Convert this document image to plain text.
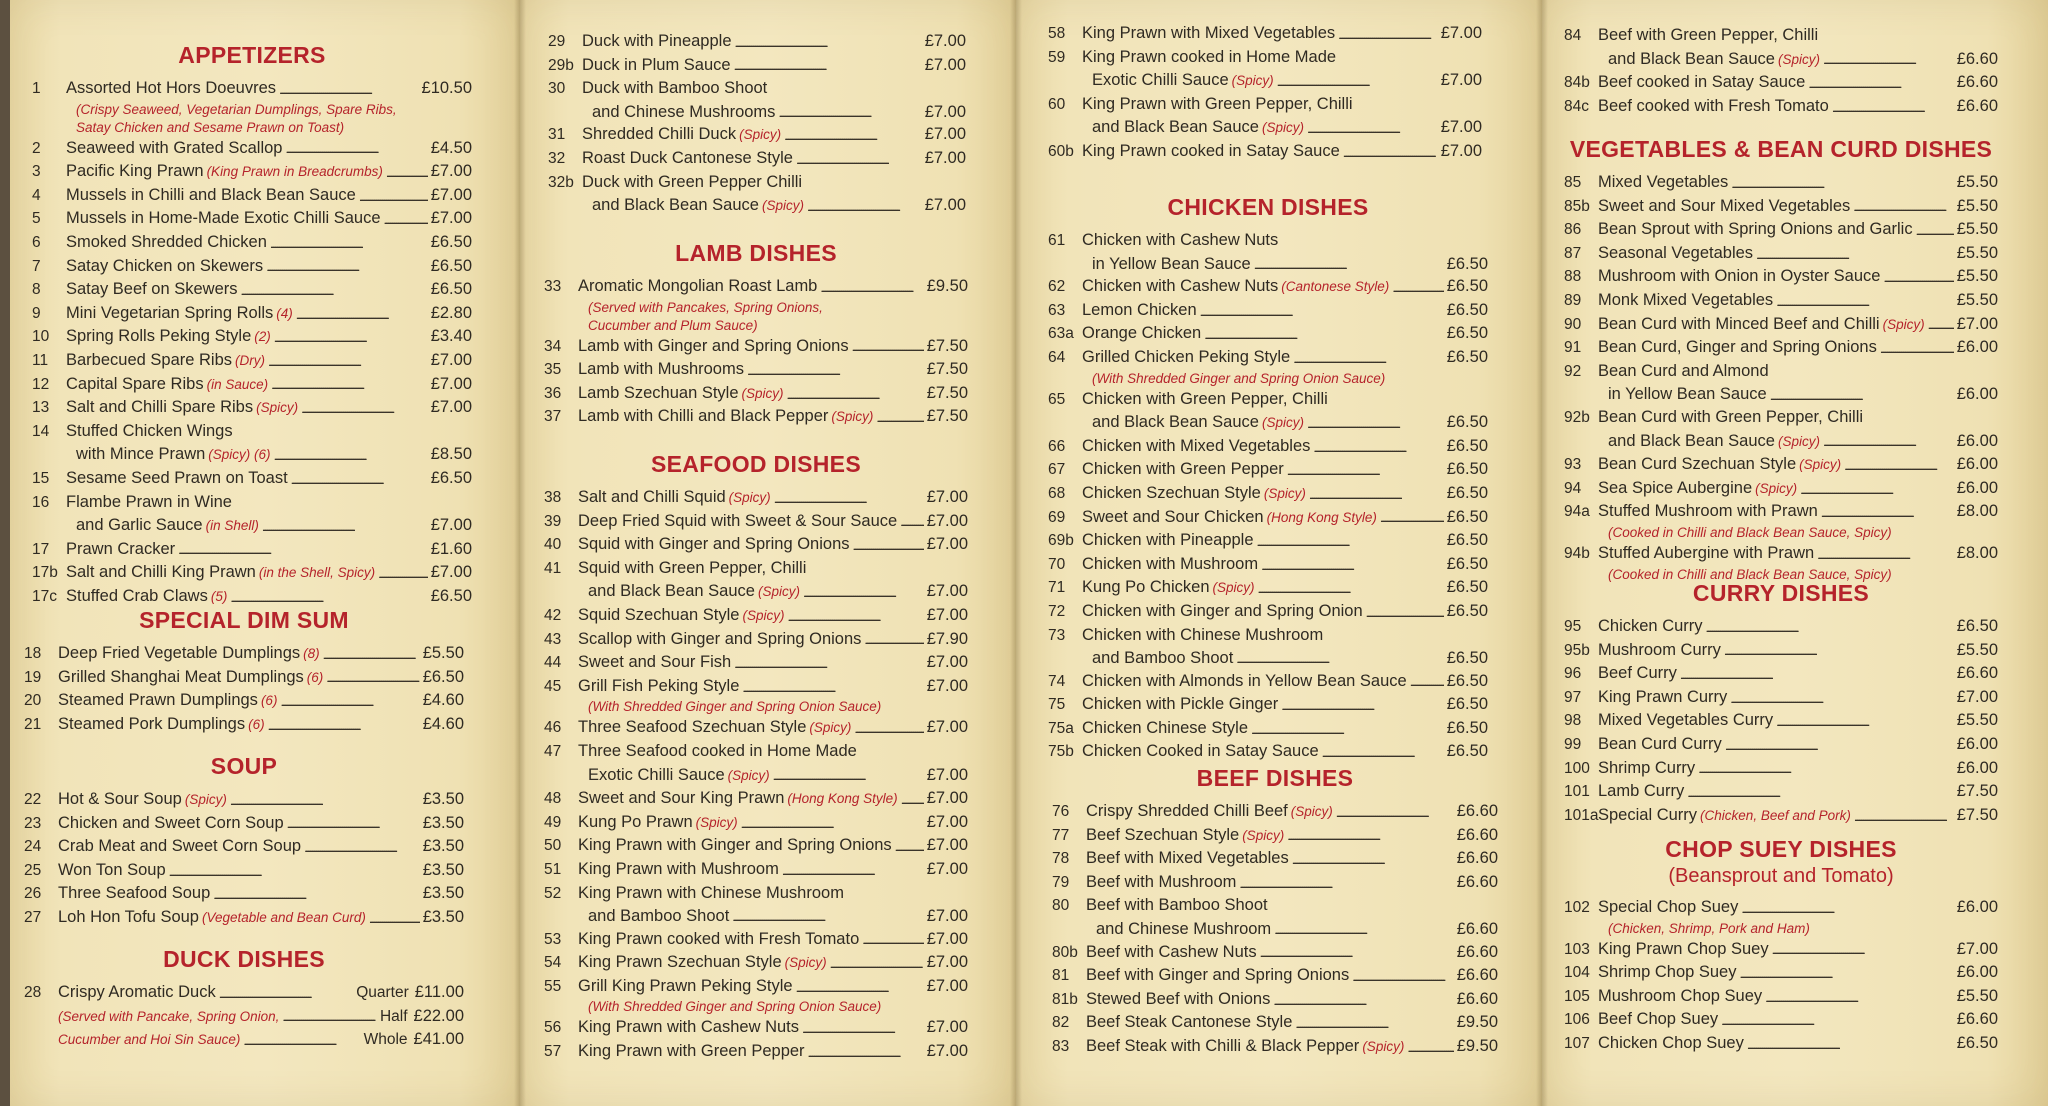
APPETIZERS
1	Assorted Hot Hors Doeuvres . . .	£10.50
(Crispy Seaweed, Vegetarian Dumplings, Spare Ribs,
Satay Chicken and Sesame Prawn on Toast)
2	Seaweed with Grated Scallop . . .	£4.50
3	Pacific King Prawn (King Prawn in Breadcrumbs) . . .	£7.00
4	Mussels in Chilli and Black Bean Sauce . . .	£7.00
5	Mussels in Home-Made Exotic Chilli Sauce . . .	£7.00
6	Smoked Shredded Chicken . . .	£6.50
7	Satay Chicken on Skewers . . .	£6.50
8	Satay Beef on Skewers . . .	£6.50
9	Mini Vegetarian Spring Rolls (4) . . .	£2.80
10	Spring Rolls Peking Style (2) . . .	£3.40
11	Barbecued Spare Ribs (Dry) . . .	£7.00
12	Capital Spare Ribs (in Sauce) . . .	£7.00
13	Salt and Chilli Spare Ribs (Spicy) . . .	£7.00
14	Stuffed Chicken Wings
with Mince Prawn (Spicy) (6) . . .	£8.50
15	Sesame Seed Prawn on Toast . . .	£6.50
16	Flambe Prawn in Wine
and Garlic Sauce (in Shell) . . .	£7.00
17	Prawn Cracker . . .	£1.60
17b Salt and Chilli King Prawn (in the Shell, Spicy) . . .	£7.00
17c Stuffed Crab Claws (5) . . .	£6.50
SPECIAL DIM SUM
18	Deep Fried Vegetable Dumplings (8) . . .	£5.50
19	Grilled Shanghai Meat Dumplings (6) . . .	£6.50
20	Steamed Prawn Dumplings (6) . . .	£4.60
21	Steamed Pork Dumplings (6) . . .	£4.60
SOUP
22	Hot & Sour Soup (Spicy) . . .	£3.50
23	Chicken and Sweet Corn Soup . . .	£3.50
24	Crab Meat and Sweet Corn Soup . . .	£3.50
25	Won Ton Soup . . .	£3.50
26	Three Seafood Soup . . .	£3.50
27	Loh Hon Tofu Soup (Vegetable and Bean Curd) . . .	£3.50
DUCK DISHES
28	Crispy Aromatic Duck . . .	Quarter £11.00
(Served with Pancake, Spring Onion, . . .	Half £22.00
Cucumber and Hoi Sin Sauce) . . .	Whole £41.00
29	Duck with Pineapple . . .	£7.00
29b Duck in Plum Sauce . . .	£7.00
30	Duck with Bamboo Shoot
and Chinese Mushrooms . . .	£7.00
31	Shredded Chilli Duck (Spicy) . . .	£7.00
32	Roast Duck Cantonese Style . . .	£7.00
32b Duck with Green Pepper Chilli
and Black Bean Sauce (Spicy) . . .	£7.00
LAMB DISHES
33	Aromatic Mongolian Roast Lamb . . .	£9.50
(Served with Pancakes, Spring Onions,
Cucumber and Plum Sauce)
34	Lamb with Ginger and Spring Onions . . .	£7.50
35	Lamb with Mushrooms . . .	£7.50
36	Lamb Szechuan Style (Spicy) . . .	£7.50
37	Lamb with Chilli and Black Pepper (Spicy) . . .	£7.50
SEAFOOD DISHES
38	Salt and Chilli Squid (Spicy) . . .	£7.00
39	Deep Fried Squid with Sweet & Sour Sauce . . . £7.00
40	Squid with Ginger and Spring Onions . . .	£7.00
41	Squid with Green Pepper, Chilli
and Black Bean Sauce (Spicy) . . .	£7.00
42	Squid Szechuan Style (Spicy) . . .	£7.00
43	Scallop with Ginger and Spring Onions . . .	£7.90
44	Sweet and Sour Fish . . .	£7.00
45	Grill Fish Peking Style . . .	£7.00
(With Shredded Ginger and Spring Onion Sauce)
46	Three Seafood Szechuan Style (Spicy) . . .	£7.00
47	Three Seafood cooked in Home Made
Exotic Chilli Sauce (Spicy) . . .	£7.00
48	Sweet and Sour King Prawn (Hong Kong Style) . . . £7.00
49	Kung Po Prawn (Spicy) . . .	£7.00
50	King Prawn with Ginger and Spring Onions . . . £7.00
51	King Prawn with Mushroom . . .	£7.00
52	King Prawn with Chinese Mushroom
and Bamboo Shoot . . .	£7.00
53	King Prawn cooked with Fresh Tomato . . .	£7.00
54	King Prawn Szechuan Style (Spicy) . . .	£7.00
55	Grill King Prawn Peking Style . . .	£7.00
(With Shredded Ginger and Spring Onion Sauce)
56	King Prawn with Cashew Nuts . . .	£7.00
57	King Prawn with Green Pepper . . .	£7.00
58	King Prawn with Mixed Vegetables . . .	£7.00
59	King Prawn cooked in Home Made
Exotic Chilli Sauce (Spicy) . . .	£7.00
60	King Prawn with Green Pepper, Chilli
and Black Bean Sauce (Spicy) . . .	£7.00
60b King Prawn cooked in Satay Sauce . . .	£7.00
CHICKEN DISHES
61	Chicken with Cashew Nuts
in Yellow Bean Sauce . . .	£6.50
62	Chicken with Cashew Nuts (Cantonese Style) . . .	£6.50
63	Lemon Chicken . . .	£6.50
63a Orange Chicken . . .	£6.50
64	Grilled Chicken Peking Style . . .	£6.50
(With Shredded Ginger and Spring Onion Sauce)
65	Chicken with Green Pepper, Chilli
and Black Bean Sauce (Spicy) . . .	£6.50
66	Chicken with Mixed Vegetables . . .	£6.50
67	Chicken with Green Pepper . . .	£6.50
68	Chicken Szechuan Style (Spicy) . . .	£6.50
69	Sweet and Sour Chicken (Hong Kong Style) . . .	£6.50
69b Chicken with Pineapple . . .	£6.50
70	Chicken with Mushroom . . .	£6.50
71	Kung Po Chicken (Spicy) . . .	£6.50
72	Chicken with Ginger and Spring Onion . . .	£6.50
73	Chicken with Chinese Mushroom
and Bamboo Shoot . . .	£6.50
74	Chicken with Almonds in Yellow Bean Sauce . . . £6.50
75	Chicken with Pickle Ginger . . .	£6.50
75a Chicken Chinese Style . . .	£6.50
75b Chicken Cooked in Satay Sauce . . .	£6.50
BEEF DISHES
76	Crispy Shredded Chilli Beef (Spicy) . . .	£6.60
77	Beef Szechuan Style (Spicy) . . .	£6.60
78	Beef with Mixed Vegetables . . .	£6.60
79	Beef with Mushroom . . .	£6.60
80	Beef with Bamboo Shoot
and Chinese Mushroom . . .	£6.60
80b Beef with Cashew Nuts . . .	£6.60
81	Beef with Ginger and Spring Onions . . .	£6.60
81b Stewed Beef with Onions . . .	£6.60
82	Beef Steak Cantonese Style . . .	£9.50
83	Beef Steak with Chilli & Black Pepper (Spicy) . . .	£9.50
84	Beef with Green Pepper, Chilli
and Black Bean Sauce (Spicy) . . .	£6.60
84b Beef cooked in Satay Sauce . . .	£6.60
84c Beef cooked with Fresh Tomato . . .	£6.60
VEGETABLES & BEAN CURD DISHES
85	Mixed Vegetables . . .	£5.50
85b Sweet and Sour Mixed Vegetables . . .	£5.50
86	Bean Sprout with Spring Onions and Garlic . . .	£5.50
87	Seasonal Vegetables . . .	£5.50
88	Mushroom with Onion in Oyster Sauce . . .	£5.50
89	Monk Mixed Vegetables . . .	£5.50
90	Bean Curd with Minced Beef and Chilli (Spicy) . . . £7.00
91	Bean Curd, Ginger and Spring Onions . . .	£6.00
92	Bean Curd and Almond
in Yellow Bean Sauce . . .	£6.00
92b Bean Curd with Green Pepper, Chilli
and Black Bean Sauce (Spicy) . . .	£6.00
93	Bean Curd Szechuan Style (Spicy) . . .	£6.00
94	Sea Spice Aubergine (Spicy) . . .	£6.00
94a Stuffed Mushroom with Prawn . . .	£8.00
(Cooked in Chilli and Black Bean Sauce, Spicy)
94b Stuffed Aubergine with Prawn . . .	£8.00
(Cooked in Chilli and Black Bean Sauce, Spicy)
CURRY DISHES
95	Chicken Curry . . .	£6.50
95b Mushroom Curry . . .	£5.50
96	Beef Curry . . .	£6.60
97	King Prawn Curry . . .	£7.00
98	Mixed Vegetables Curry . . .	£5.50
99	Bean Curd Curry . . .	£6.00
100 Shrimp Curry . . .	£6.00
101 Lamb Curry . . .	£7.50
101a Special Curry (Chicken, Beef and Pork) . . .	£7.50
CHOP SUEY DISHES
(Beansprout and Tomato)
102 Special Chop Suey . . .	£6.00
(Chicken, Shrimp, Pork and Ham)
103 King Prawn Chop Suey . . .	£7.00
104 Shrimp Chop Suey . . .	£6.00
105 Mushroom Chop Suey . . .	£5.50
106 Beef Chop Suey . . .	£6.60
107 Chicken Chop Suey . . .	£6.50
